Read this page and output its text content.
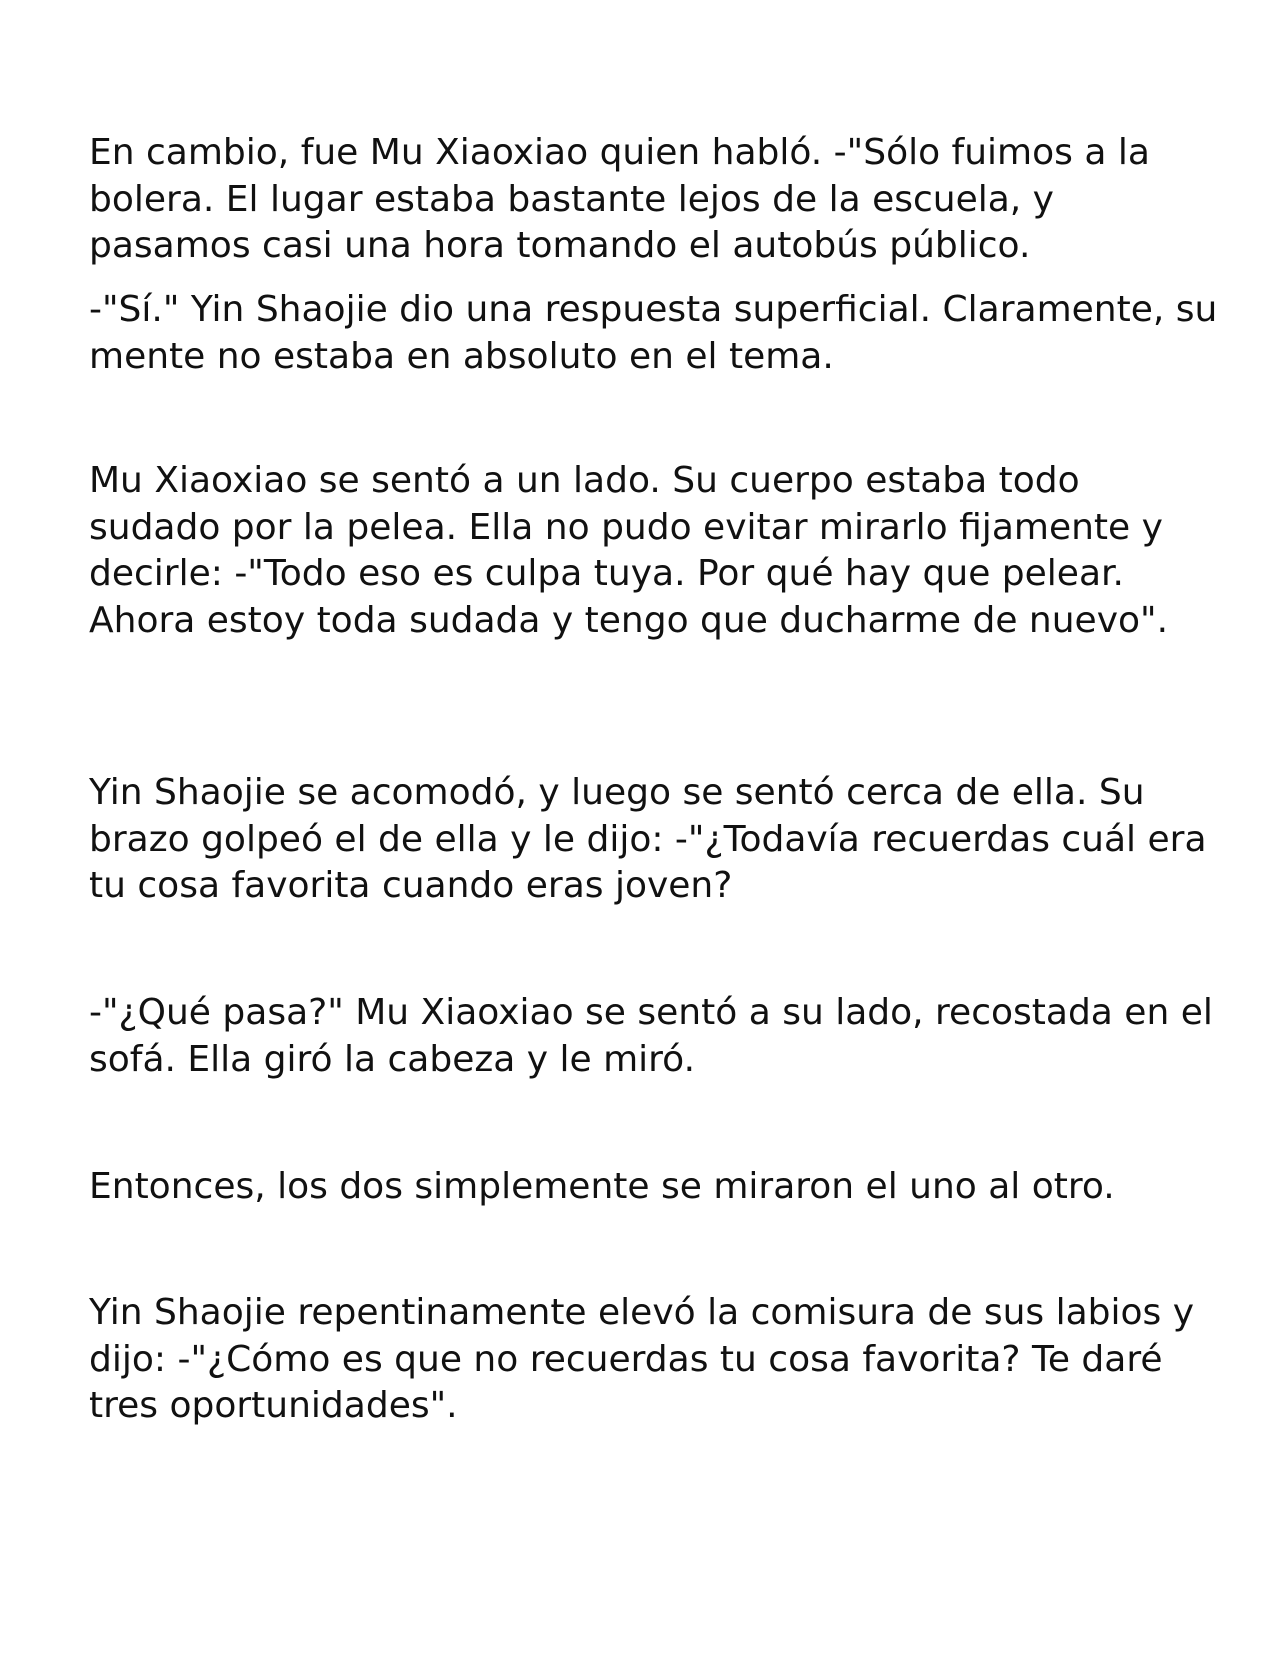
En cambio, fue Mu Xiaoxiao quien habló. -"Sólo fuimos a la bolera. El lugar estaba bastante lejos de la escuela, y pasamos casi una hora tomando el autobús público.

-"Sí." Yin Shaojie dio una respuesta superficial. Claramente, su mente no estaba en absoluto en el tema.

Mu Xiaoxiao se sentó a un lado. Su cuerpo estaba todo sudado por la pelea. Ella no pudo evitar mirarlo fijamente y decirle: -"Todo eso es culpa tuya. Por qué hay que pelear. Ahora estoy toda sudada y tengo que ducharme de nuevo".

Yin Shaojie se acomodó, y luego se sentó cerca de ella. Su brazo golpeó el de ella y le dijo: -"¿Todavía recuerdas cuál era tu cosa favorita cuando eras joven?

-"¿Qué pasa?" Mu Xiaoxiao se sentó a su lado, recostada en el sofá. Ella giró la cabeza y le miró.

Entonces, los dos simplemente se miraron el uno al otro.

Yin Shaojie repentinamente elevó la comisura de sus labios y dijo: -"¿Cómo es que no recuerdas tu cosa favorita? Te daré tres oportunidades".
